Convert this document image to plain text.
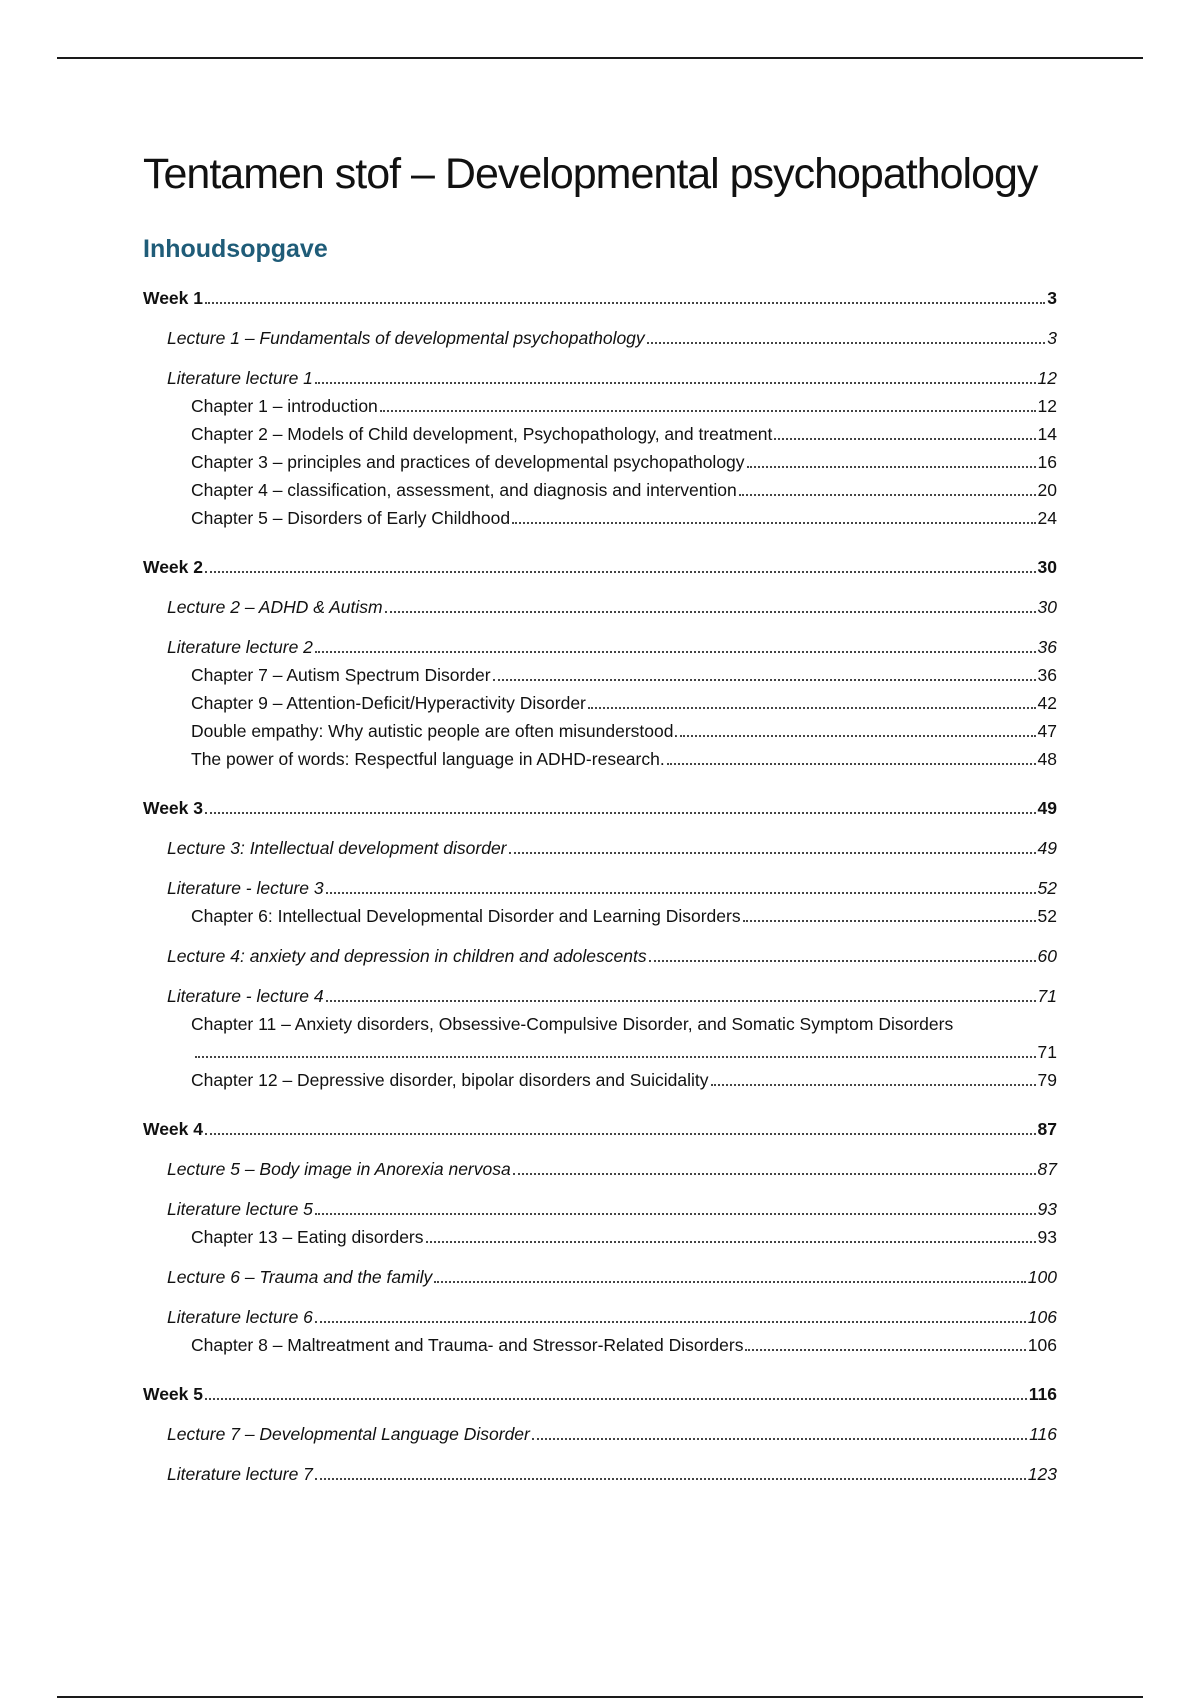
Tentamen stof – Developmental psychopathology
Inhoudsopgave
Week 1	3
Lecture 1 – Fundamentals of developmental psychopathology	3
Literature lecture 1	12
Chapter 1 – introduction	12
Chapter 2 – Models of Child development, Psychopathology, and treatment	14
Chapter 3 – principles and practices of developmental psychopathology	16
Chapter 4 – classification, assessment, and diagnosis and intervention	20
Chapter 5 – Disorders of Early Childhood	24
Week 2	30
Lecture 2 – ADHD & Autism	30
Literature lecture 2	36
Chapter 7 – Autism Spectrum Disorder	36
Chapter 9 – Attention-Deficit/Hyperactivity Disorder	42
Double empathy: Why autistic people are often misunderstood.	47
The power of words: Respectful language in ADHD-research.	48
Week 3	49
Lecture 3: Intellectual development disorder	49
Literature - lecture 3	52
Chapter 6: Intellectual Developmental Disorder and Learning Disorders	52
Lecture 4: anxiety and depression in children and adolescents	60
Literature - lecture 4	71
Chapter 11 – Anxiety disorders, Obsessive-Compulsive Disorder, and Somatic Symptom Disorders
71
Chapter 12 – Depressive disorder, bipolar disorders and Suicidality	79
Week 4	87
Lecture 5 – Body image in Anorexia nervosa	87
Literature lecture 5	93
Chapter 13 – Eating disorders	93
Lecture 6 – Trauma and the family	100
Literature lecture 6	106
Chapter 8 – Maltreatment and Trauma- and Stressor-Related Disorders	106
Week 5	116
Lecture 7 – Developmental Language Disorder	116
Literature lecture 7	123
